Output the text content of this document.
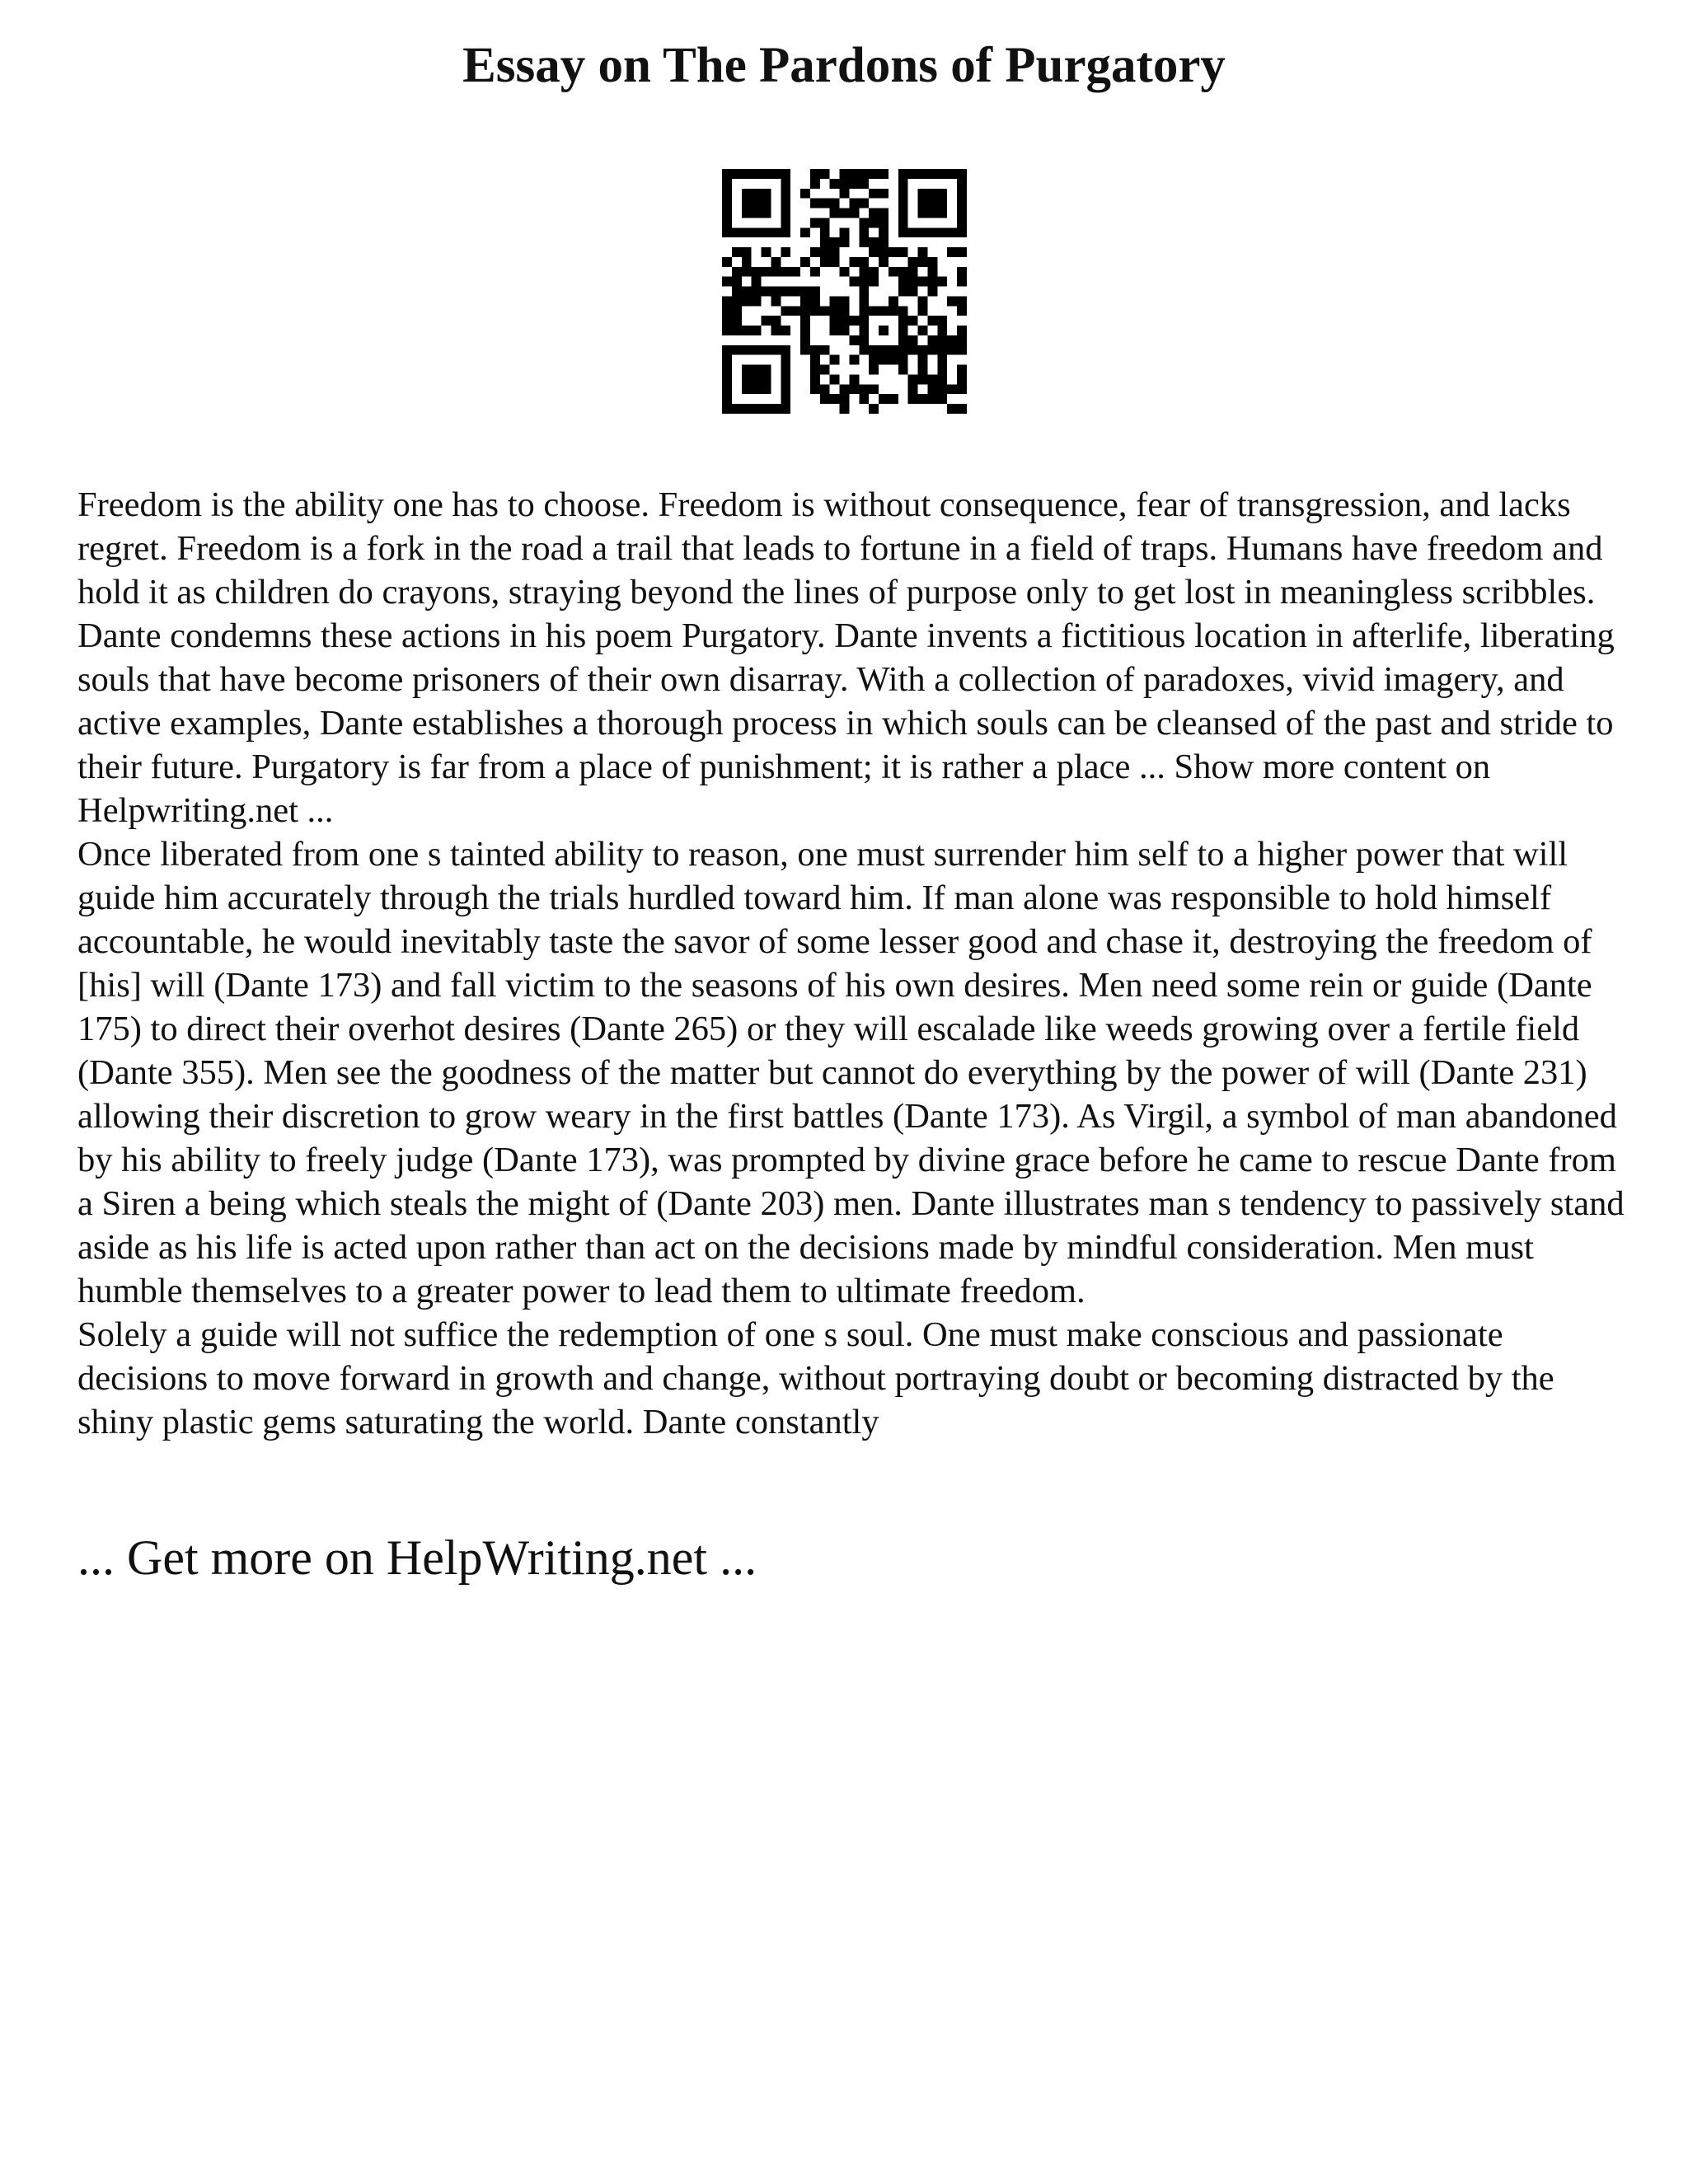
Essay on The Pardons of Purgatory

Freedom is the ability one has to choose. Freedom is without consequence, fear of transgression, and lacks regret. Freedom is a fork in the road a trail that leads to fortune in a field of traps. Humans have freedom and hold it as children do crayons, straying beyond the lines of purpose only to get lost in meaningless scribbles. Dante condemns these actions in his poem Purgatory. Dante invents a fictitious location in afterlife, liberating souls that have become prisoners of their own disarray. With a collection of paradoxes, vivid imagery, and active examples, Dante establishes a thorough process in which souls can be cleansed of the past and stride to their future. Purgatory is far from a place of punishment; it is rather a place ... Show more content on Helpwriting.net ...

Once liberated from one s tainted ability to reason, one must surrender him self to a higher power that will guide him accurately through the trials hurdled toward him. If man alone was responsible to hold himself accountable, he would inevitably taste the savor of some lesser good and chase it, destroying the freedom of [his] will (Dante 173) and fall victim to the seasons of his own desires. Men need some rein or guide (Dante 175) to direct their overhot desires (Dante 265) or they will escalade like weeds growing over a fertile field (Dante 355). Men see the goodness of the matter but cannot do everything by the power of will (Dante 231) allowing their discretion to grow weary in the first battles (Dante 173). As Virgil, a symbol of man abandoned by his ability to freely judge (Dante 173), was prompted by divine grace before he came to rescue Dante from a Siren a being which steals the might of (Dante 203) men. Dante illustrates man s tendency to passively stand aside as his life is acted upon rather than act on the decisions made by mindful consideration. Men must humble themselves to a greater power to lead them to ultimate freedom.

Solely a guide will not suffice the redemption of one s soul. One must make conscious and passionate decisions to move forward in growth and change, without portraying doubt or becoming distracted by the shiny plastic gems saturating the world. Dante constantly

... Get more on HelpWriting.net ...
